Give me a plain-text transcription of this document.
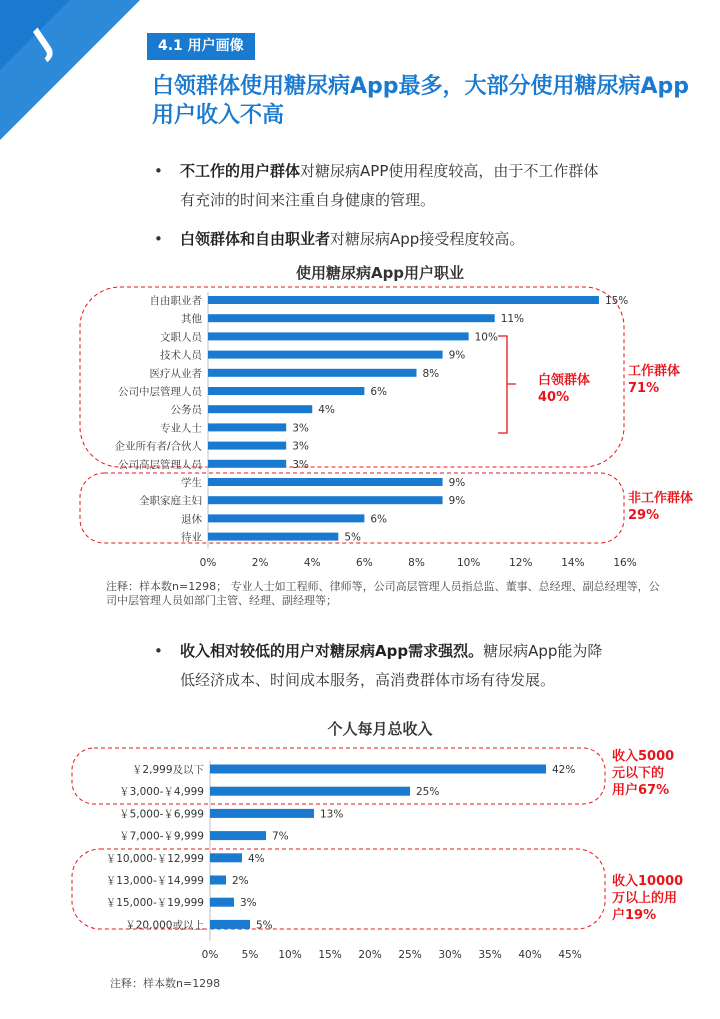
J	4.1 用户画像
白领群体使用糖尿病App最多，大部分使用糖尿病App用户收入不高
• 不工作的用户群体对糖尿病APP使用程度较高，由于不工作群体
有充沛的时间来注重自身健康的管理。
• 白领群体和自由职业者对糖尿病App接受程度较高。
使用糖尿病App用户职业
自由职业者	15%
其他	11%
文职人员	10%
技术人员	9%
医疗从业者	8%
公司中层管理人员	6%
公务员	4%
专业人士	3%
企业所有者/合伙人	3%
公司高层管理人员	3%
学生	9%
全职家庭主妇	9%
退休	6%
待业	5%
0%	2%	4%	6%	8%	10%	12%	14%	16%
白领群体
40%
工作群体
71%
非工作群体
29%
注释：样本数n=1298； 专业人士如工程师、律师等，公司高层管理人员指总监、董事、总经理、副总经理等，公司中层管理人员如部门主管、经理、副经理等；
• 收入相对较低的用户对糖尿病App需求强烈。糖尿病App能为降
低经济成本、时间成本服务，高消费群体市场有待发展。
个人每月总收入
￥2,999及以下	42%
￥3,000-￥4,999	25%
￥5,000-￥6,999	13%
￥7,000-￥9,999	7%
￥10,000-￥12,999	4%
￥13,000-￥14,999	2%
￥15,000-￥19,999	3%
￥20,000或以上	5%
0% 5% 10% 15% 20% 25% 30% 35% 40% 45%
收入5000
元以下的
用户67%
收入10000
万以上的用
户19%
注释：样本数n=1298
